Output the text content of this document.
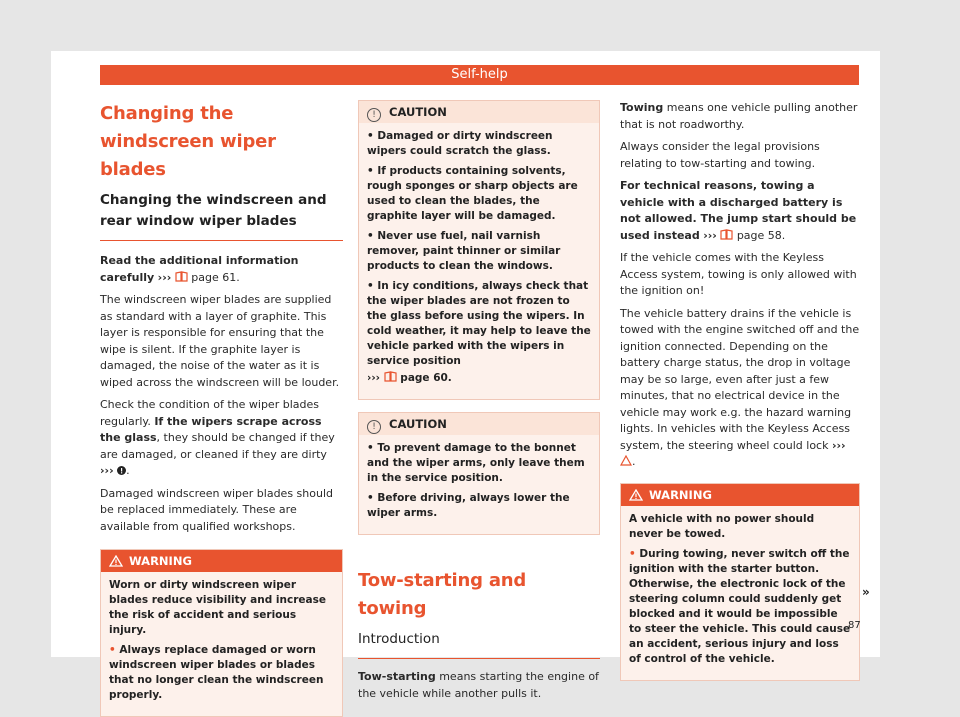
Self-help
Changing the windscreen wiper blades
Changing the windscreen and rear window wiper blades

Read the additional information carefully ››› page 61.

The windscreen wiper blades are supplied as standard with a layer of graphite. This layer is responsible for ensuring that the wipe is silent. If the graphite layer is damaged, the noise of the water as it is wiped across the windscreen will be louder.

Check the condition of the wiper blades regularly. If the wipers scrape across the glass, they should be changed if they are damaged, or cleaned if they are dirty ››› .

Damaged windscreen wiper blades should be replaced immediately. These are available from qualified workshops.

WARNING

Worn or dirty windscreen wiper blades reduce visibility and increase the risk of accident and serious injury.

• Always replace damaged or worn windscreen wiper blades or blades that no longer clean the windscreen properly.

! CAUTION

• Damaged or dirty windscreen wipers could scratch the glass.

• If products containing solvents, rough sponges or sharp objects are used to clean the blades, the graphite layer will be damaged.

• Never use fuel, nail varnish remover, paint thinner or similar products to clean the windows.

• In icy conditions, always check that the wiper blades are not frozen to the glass before using the wipers. In cold weather, it may help to leave the vehicle parked with the wipers in service position

››› page 60.

! CAUTION

• To prevent damage to the bonnet and the wiper arms, only leave them in the service position.

• Before driving, always lower the wiper arms.

Tow-starting and towing
Introduction

Tow-starting means starting the engine of the vehicle while another pulls it.

Towing means one vehicle pulling another that is not roadworthy.

Always consider the legal provisions relating to tow-starting and towing.

For technical reasons, towing a vehicle with a discharged battery is not allowed. The jump start should be used instead ››› page 58.

If the vehicle comes with the Keyless Access system, towing is only allowed with the ignition on!

The vehicle battery drains if the vehicle is towed with the engine switched off and the ignition connected. Depending on the battery charge status, the drop in voltage may be so large, even after just a few minutes, that no electrical device in the vehicle may work e.g. the hazard warning lights. In vehicles with the Keyless Access system, the steering wheel could lock ››› .

WARNING

A vehicle with no power should never be towed.

• During towing, never switch off the ignition with the starter button. Otherwise, the electronic lock of the steering column could suddenly get blocked and it would be impossible to steer the vehicle. This could cause an accident, serious injury and loss of control of the vehicle.

»
87
